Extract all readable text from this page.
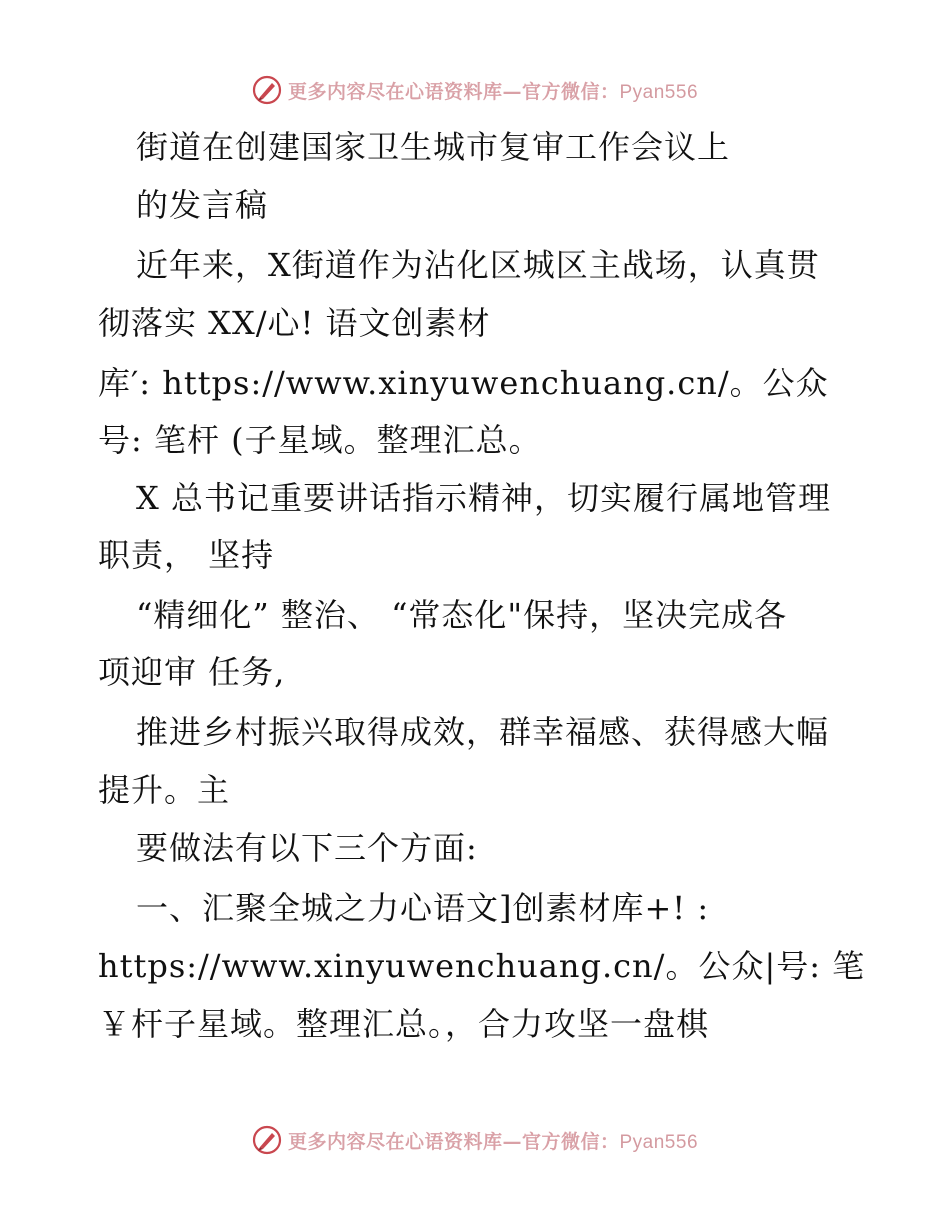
更多内容尽在心语资料库—官方微信：Pyan556
街道在创建国家卫生城市复审工作会议上
的发言稿
近年来，X街道作为沾化区城区主战场，认真贯
彻落实 XX/心! 语文创素材
库′: https://www.xinyuwenchuang.cn/。公众
号: 笔杆 (子星域。整理汇总。
X 总书记重要讲话指示精神，切实履行属地管理
职责， 坚持
“精细化” 整治、 “常态化"保持，坚决完成各
项迎审 任务,
推进乡村振兴取得成效，群幸福感、获得感大幅
提升。主
要做法有以下三个方面:
一、汇聚全城之力心语文]创素材库+! :
https://www.xinyuwenchuang.cn/。公众|号: 笔
￥杆子星域。整理汇总。，合力攻坚一盘棋
更多内容尽在心语资料库—官方微信：Pyan556
